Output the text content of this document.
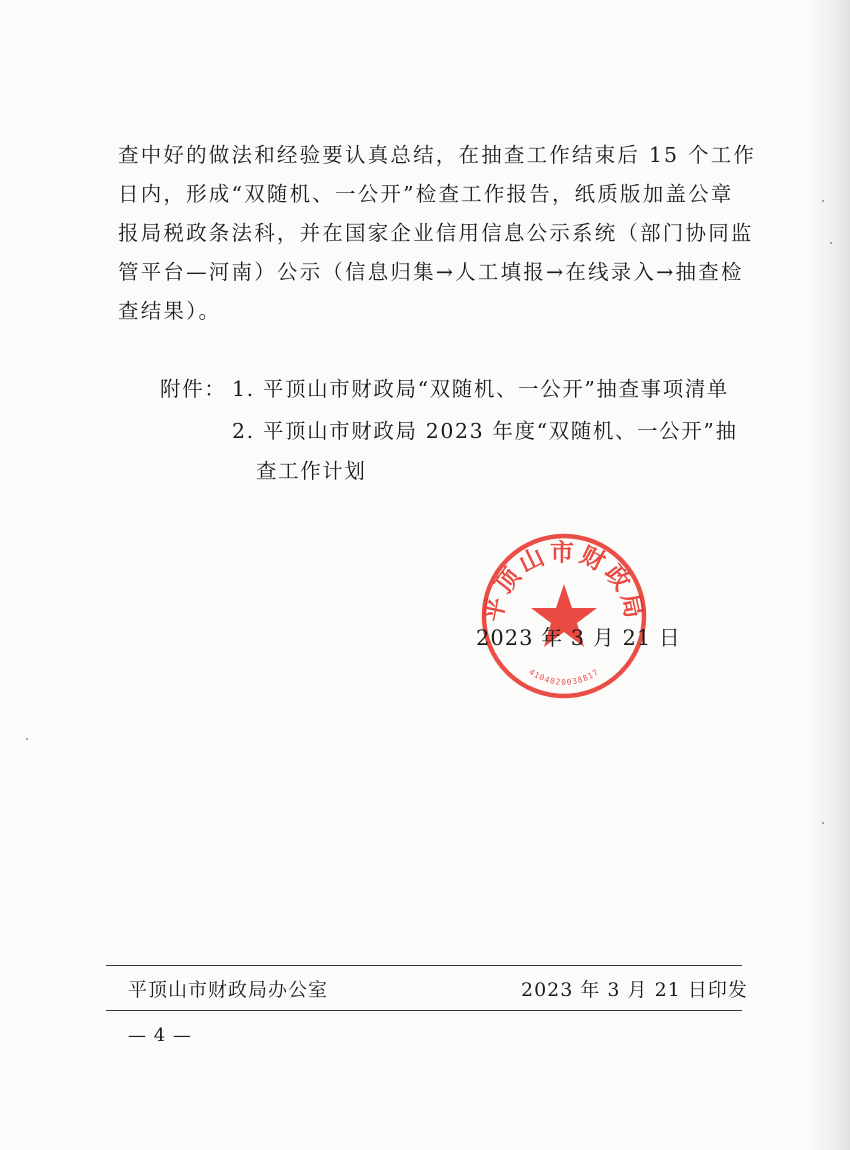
查中好的做法和经验要认真总结，在抽查工作结束后 15 个工作
日内，形成“双随机、一公开”检查工作报告，纸质版加盖公章
报局税政条法科，并在国家企业信用信息公示系统（部门协同监
管平台—河南）公示（信息归集→人工填报→在线录入→抽查检
查结果）。
附件： 1. 平顶山市财政局“双随机、一公开”抽查事项清单
2. 平顶山市财政局 2023 年度“双随机、一公开”抽
查工作计划
平顶山市财政局
4104020038817
2023 年 3 月 21 日
平顶山市财政局办公室	2023 年 3 月 21 日印发
— 4 —
